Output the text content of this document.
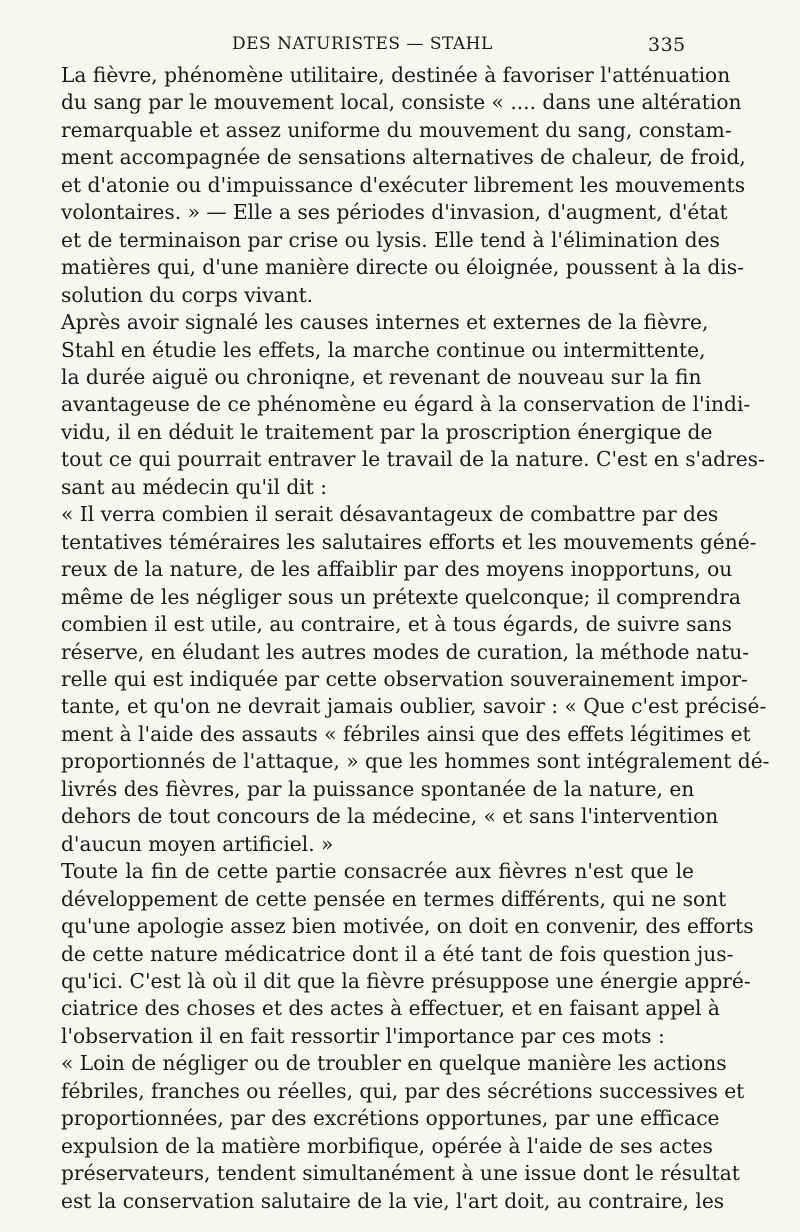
DES NATURISTES — STAHL	335

La fièvre, phénomène utilitaire, destinée à favoriser l'atténuation
du sang par le mouvement local, consiste « .... dans une altération
remarquable et assez uniforme du mouvement du sang, constam-
ment accompagnée de sensations alternatives de chaleur, de froid,
et d'atonie ou d'impuissance d'exécuter librement les mouvements
volontaires. » — Elle a ses périodes d'invasion, d'augment, d'état
et de terminaison par crise ou lysis. Elle tend à l'élimination des
matières qui, d'une manière directe ou éloignée, poussent à la dis-
solution du corps vivant.

Après avoir signalé les causes internes et externes de la fièvre,
Stahl en étudie les effets, la marche continue ou intermittente,
la durée aiguë ou chroniqne, et revenant de nouveau sur la fin
avantageuse de ce phénomène eu égard à la conservation de l'indi-
vidu, il en déduit le traitement par la proscription énergique de
tout ce qui pourrait entraver le travail de la nature. C'est en s'adres-
sant au médecin qu'il dit :

« Il verra combien il serait désavantageux de combattre par des
tentatives téméraires les salutaires efforts et les mouvements géné-
reux de la nature, de les affaiblir par des moyens inopportuns, ou
même de les négliger sous un prétexte quelconque; il comprendra
combien il est utile, au contraire, et à tous égards, de suivre sans
réserve, en éludant les autres modes de curation, la méthode natu-
relle qui est indiquée par cette observation souverainement impor-
tante, et qu'on ne devrait jamais oublier, savoir : « Que c'est précisé-
ment à l'aide des assauts « fébriles ainsi que des effets légitimes et
proportionnés de l'attaque, » que les hommes sont intégralement dé-
livrés des fièvres, par la puissance spontanée de la nature, en
dehors de tout concours de la médecine, « et sans l'intervention
d'aucun moyen artificiel. »

Toute la fin de cette partie consacrée aux fièvres n'est que le
développement de cette pensée en termes différents, qui ne sont
qu'une apologie assez bien motivée, on doit en convenir, des efforts
de cette nature médicatrice dont il a été tant de fois question jus-
qu'ici. C'est là où il dit que la fièvre présuppose une énergie appré-
ciatrice des choses et des actes à effectuer, et en faisant appel à
l'observation il en fait ressortir l'importance par ces mots :

« Loin de négliger ou de troubler en quelque manière les actions
fébriles, franches ou réelles, qui, par des sécrétions successives et
proportionnées, par des excrétions opportunes, par une efficace
expulsion de la matière morbifique, opérée à l'aide de ses actes
préservateurs, tendent simultanément à une issue dont le résultat
est la conservation salutaire de la vie, l'art doit, au contraire, les
